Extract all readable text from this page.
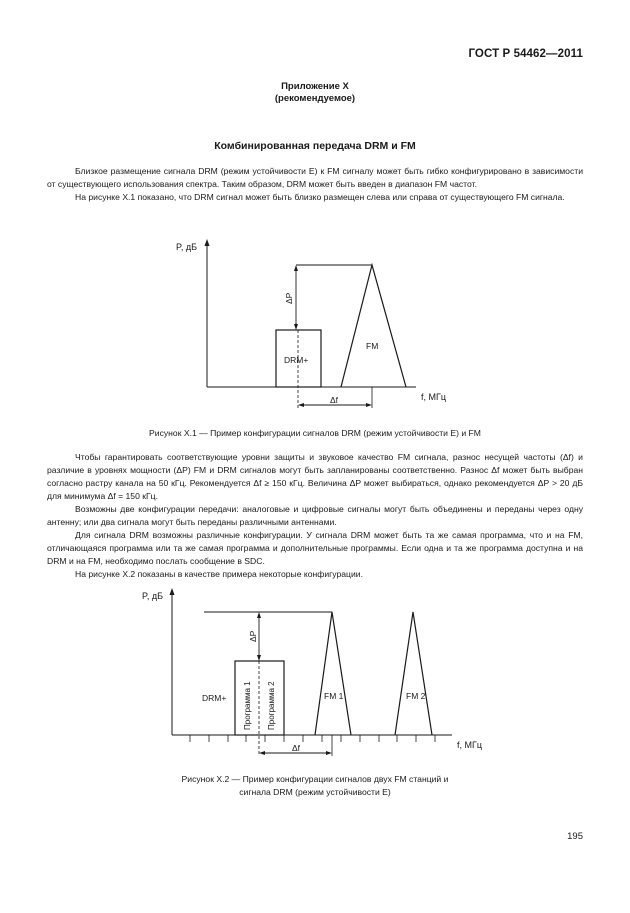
ГОСТ Р 54462—2011
Приложение X
(рекомендуемое)
Комбинированная передача DRM и FM

Близкое размещение сигнала DRM (режим устойчивости E) к FM сигналу может быть гибко конфигурировано в зависимости от существующего использования спектра. Таким образом, DRM может быть введен в диапазон FM частот.

На рисунке X.1 показано, что DRM сигнал может быть близко размещен слева или справа от существующего FM сигнала.

P, дБ
f, МГц
DRM+
FM
ΔP
Δf
Рисунок X.1 — Пример конфигурации сигналов DRM (режим устойчивости E) и FM

Чтобы гарантировать соответствующие уровни защиты и звуковое качество FM сигнала, разнос несущей частоты (Δf) и различие в уровнях мощности (ΔP) FM и DRM сигналов могут быть запланированы соответственно. Разнос Δf может быть выбран согласно растру канала на 50 кГц. Рекомендуется Δf ≥ 150 кГц. Величина ΔP может выбираться, однако рекомендуется ΔP > 20 дБ для минимума Δf = 150 кГц.

Возможны две конфигурации передачи: аналоговые и цифровые сигналы могут быть объединены и переданы через одну антенну; или два сигнала могут быть переданы различными антеннами.

Для сигнала DRM возможны различные конфигурации. У сигнала DRM может быть та же самая программа, что и на FM, отличающаяся программа или та же самая программа и дополнительные программы. Если одна и та же программа доступна и на DRM и на FM, необходимо послать сообщение в SDC.

На рисунке X.2 показаны в качестве примера некоторые конфигурации.

P, дБ
f, МГц
Программа 1 Программа 2
DRM+	FM 1	FM 2
ΔP
Δf
Рисунок X.2 — Пример конфигурации сигналов двух FM станций и
сигнала DRM (режим устойчивости E)
195
